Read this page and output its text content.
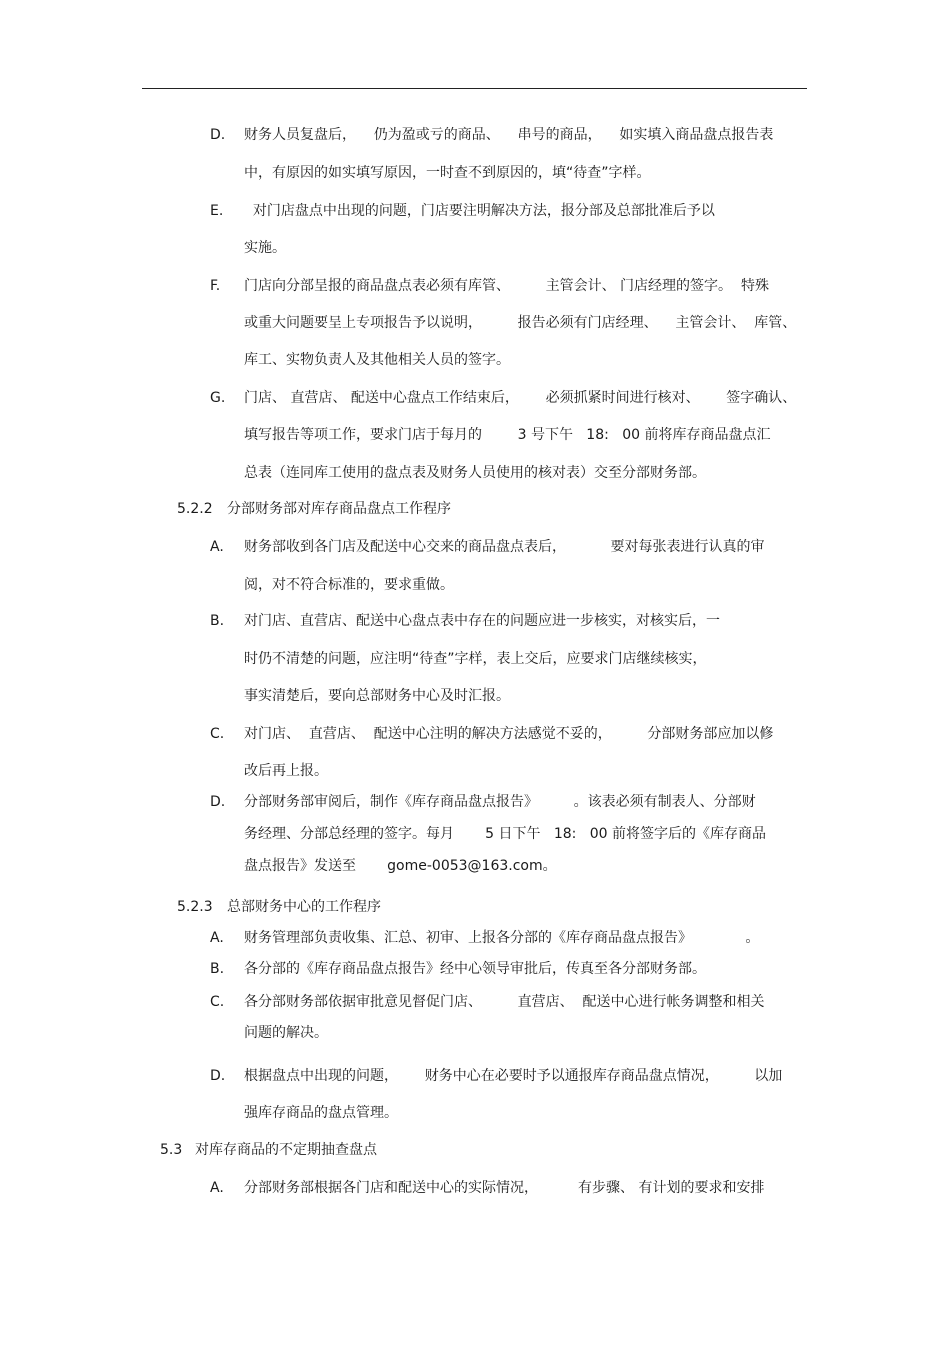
D. 财务人员复盘后，    仍为盈或亏的商品、    串号的商品，    如实填入商品盘点报告表
中，有原因的如实填写原因，一时查不到原因的，填“待查”字样。
E. 对门店盘点中出现的问题，门店要注明解决方法，报分部及总部批准后予以
实施。
F. 门店向分部呈报的商品盘点表必须有库管、        主管会计、 门店经理的签字。  特殊
或重大问题要呈上专项报告予以说明，        报告必须有门店经理、    主管会计、  库管、
库工、实物负责人及其他相关人员的签字。
G. 门店、 直营店、 配送中心盘点工作结束后，      必须抓紧时间进行核对、      签字确认、
填写报告等项工作，要求门店于每月的        3 号下午   18:   00 前将库存商品盘点汇
总表（连同库工使用的盘点表及财务人员使用的核对表）交至分部财务部。
5.2.2 分部财务部对库存商品盘点工作程序
A. 财务部收到各门店及配送中心交来的商品盘点表后，          要对每张表进行认真的审
阅，对不符合标准的，要求重做。
B. 对门店、直营店、配送中心盘点表中存在的问题应进一步核实，对核实后，一
时仍不清楚的问题，应注明“待查”字样，表上交后，应要求门店继续核实，
事实清楚后，要向总部财务中心及时汇报。
C. 对门店、  直营店、  配送中心注明的解决方法感觉不妥的，        分部财务部应加以修
改后再上报。
D. 分部财务部审阅后，制作《库存商品盘点报告》        。该表必须有制表人、分部财
务经理、分部总经理的签字。每月       5 日下午   18:   00 前将签字后的《库存商品
盘点报告》发送至       gome-0053@163.com。
5.2.3 总部财务中心的工作程序
A. 财务管理部负责收集、汇总、初审、上报各分部的《库存商品盘点报告》            。
B. 各分部的《库存商品盘点报告》经中心领导审批后，传真至各分部财务部。
C. 各分部财务部依据审批意见督促门店、        直营店、  配送中心进行帐务调整和相关
问题的解决。
D. 根据盘点中出现的问题，      财务中心在必要时予以通报库存商品盘点情况，        以加
强库存商品的盘点管理。
5.3 对库存商品的不定期抽查盘点
A. 分部财务部根据各门店和配送中心的实际情况，         有步骤、 有计划的要求和安排
